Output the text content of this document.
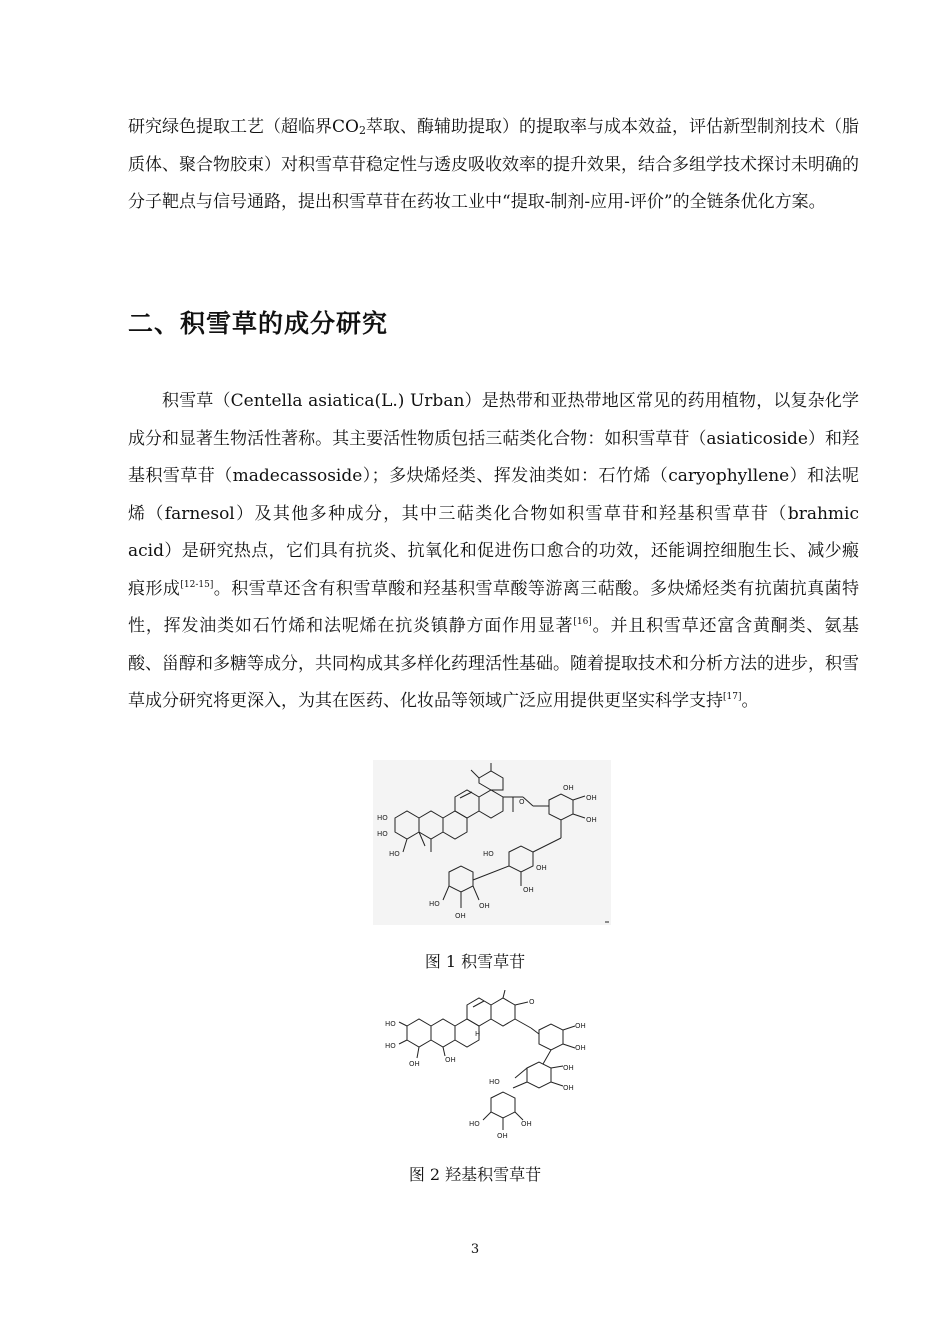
研究绿色提取工艺（超临界$CO_2$萃取、酶辅助提取）的提取率与成本效益，评估新型制剂技术（脂质体、聚合物胶束）对积雪草苷稳定性与透皮吸收效率的提升效果，结合多组学技术探讨未明确的分子靶点与信号通路，提出积雪草苷在药妆工业中“提取-制剂-应用-评价”的全链条优化方案。

二、积雪草的成分研究

积雪草（Centella asiatica(L.) Urban）是热带和亚热带地区常见的药用植物，以复杂化学成分和显著生物活性著称。其主要活性物质包括三萜类化合物：如积雪草苷（asiaticoside）和羟基积雪草苷（madecassoside）；多炔烯烃类、挥发油类如：石竹烯（caryophyllene）和法呢烯（farnesol）及其他多种成分，其中三萜类化合物如积雪草苷和羟基积雪草苷（brahmic acid）是研究热点，它们具有抗炎、抗氧化和促进伤口愈合的功效，还能调控细胞生长、减少瘢痕形成[12-15]。积雪草还含有积雪草酸和羟基积雪草酸等游离三萜酸。多炔烯烃类有抗菌抗真菌特性，挥发油类如石竹烯和法呢烯在抗炎镇静方面作用显著[16]。并且积雪草还富含黄酮类、氨基酸、甾醇和多糖等成分，共同构成其多样化药理活性基础。随着提取技术和分析方法的进步，积雪草成分研究将更深入，为其在医药、化妆品等领域广泛应用提供更坚实科学支持[17]。

HO
HO
HO
O	OH
OH
OH
HO
OH
OH
HO	OH
OH
图 1 积雪草苷
HO
HO
OH	OH
H
O
OH
OH
OH
OH
HO
HO	OH
OH
图 2 羟基积雪草苷
3
